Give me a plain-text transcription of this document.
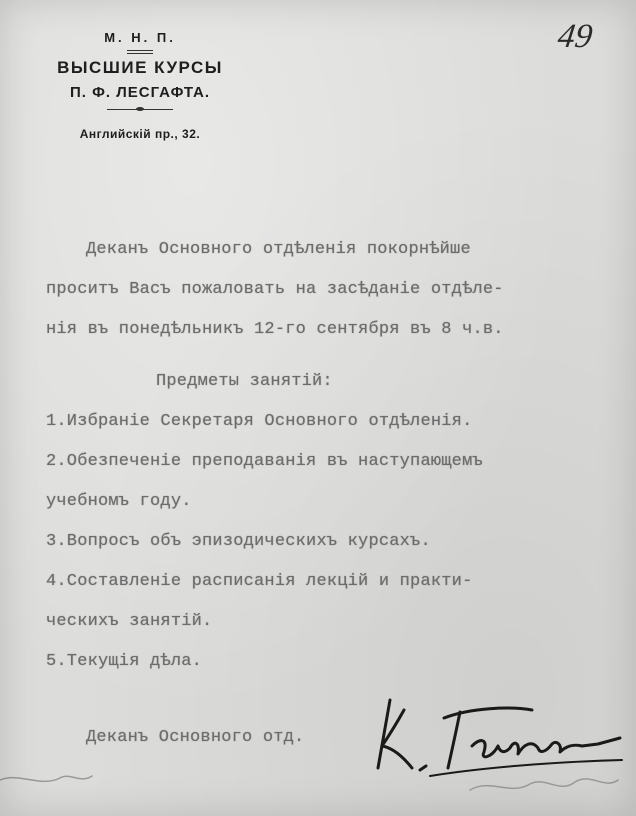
М. Н. П.
ВЫСШИЕ КУРСЫ
П. Ф. ЛЕСГАФТА.
Английскiй пр., 32.
49
Деканъ Основного отдѣленiя покорнѣйше
проситъ Васъ пожаловать на засѣданiе отдѣле-
нiя въ понедѣльникъ 12-го сентября въ 8 ч.в.
Предметы занятiй:
1.Избранiе Секретаря Основного отдѣленiя.
2.Обезпеченiе преподаванiя въ наступающемъ
учебномъ году.
3.Вопросъ объ эпизодическихъ курсахъ.
4.Составленiе расписанiя лекцiй и практи-
ческихъ занятiй.
5.Текущiя дѣла.
Деканъ Основного отд.
